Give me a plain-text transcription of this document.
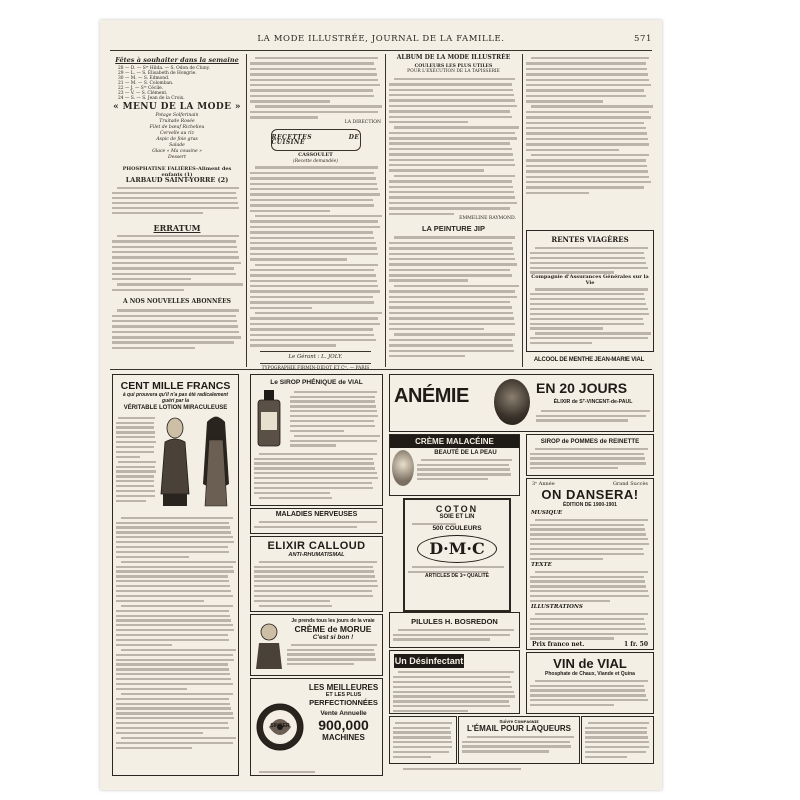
LA MODE ILLUSTRÉE, JOURNAL DE LA FAMILLE.	571
Fêtes à souhaiter dans la semaine
28 — D. — Sᵗᵉ Hilda. — S. Odon de Cluny.
29 — L. — S. Élisabeth de Hongrie.
30 — M. — S. Edmond.
21 — M. — S. Colomban.
22 — J. — Sᵗᵉ Cécile.
23 — V. — S. Clément.
24 — S. — S. Jean de la Croix.
« MENU DE LA MODE »
Potage Solferinain
Truitade Rosée
Filet de bœuf Richelieu
Cervelle au riz
Aspic de foie gras
Salade
Glace « Ma cousine »
Dessert
PHOSPHATINE FALIÈRES-Aliment des enfants (1)
LARBAUD SAINT-YORRE (2)
ERRATUM
A NOS NOUVELLES ABONNÉES
LA DIRECTION
RECETTES DE CUISINE
CASSOULET
(Recette demandée)
Le Gérant : L. JOLY.
ALBUM DE LA MODE ILLUSTRÉE
COULEURS LES PLUS UTILES
POUR L'EXÉCUTION DE LA TAPISSERIE
EMMELINE RAYMOND.
LA PEINTURE JIP
RENTES VIAGÈRES
Compagnie d'Assurances Générales sur la Vie
ALCOOL DE MENTHE JEAN-MARIE VIAL
ANÉMIE	EN 20 JOURS
ÉLIXIR de Sᵀ-VINCENT-de-PAUL
CENT MILLE FRANCS
à qui prouvera qu'il n'a pas été radicalement guéri par la
VÉRITABLE LOTION MIRACULEUSE
Le SIROP PHÉNIQUE de VIAL
MALADIES NERVEUSES
ELIXIR CALLOUD
ANTI-RHUMATISMAL
Je prends tous les jours de la vraie
CRÈME de MORUE
C'est si bon !
SINGER
LES MEILLEURES
ET LES PLUS
PERFECTIONNÉES
Vente Annuelle
900,000
MACHINES
CRÈME MALACÉINE
BEAUTÉ DE LA PEAU
COTON
SOIE ET LIN
500 COULEURS
D·M·C
ARTICLES DE 1ʳᵉ QUALITÉ
PILULES H. BOSREDON
Un Désinfectant
SIROP de POMMES de REINETTE
3ᵉ Année	Grand Succès
ON DANSERA!
ÉDITION DE 1900-1901
MUSIQUE
TEXTE
ILLUSTRATIONS
Prix franco net.	1 fr. 50
VIN de VIAL
Phosphate de Chaux, Viande et Quina
Suivre Cᴏᴍᴘᴀɢɴɪᴇ
L'ÉMAIL POUR LAQUEURS
